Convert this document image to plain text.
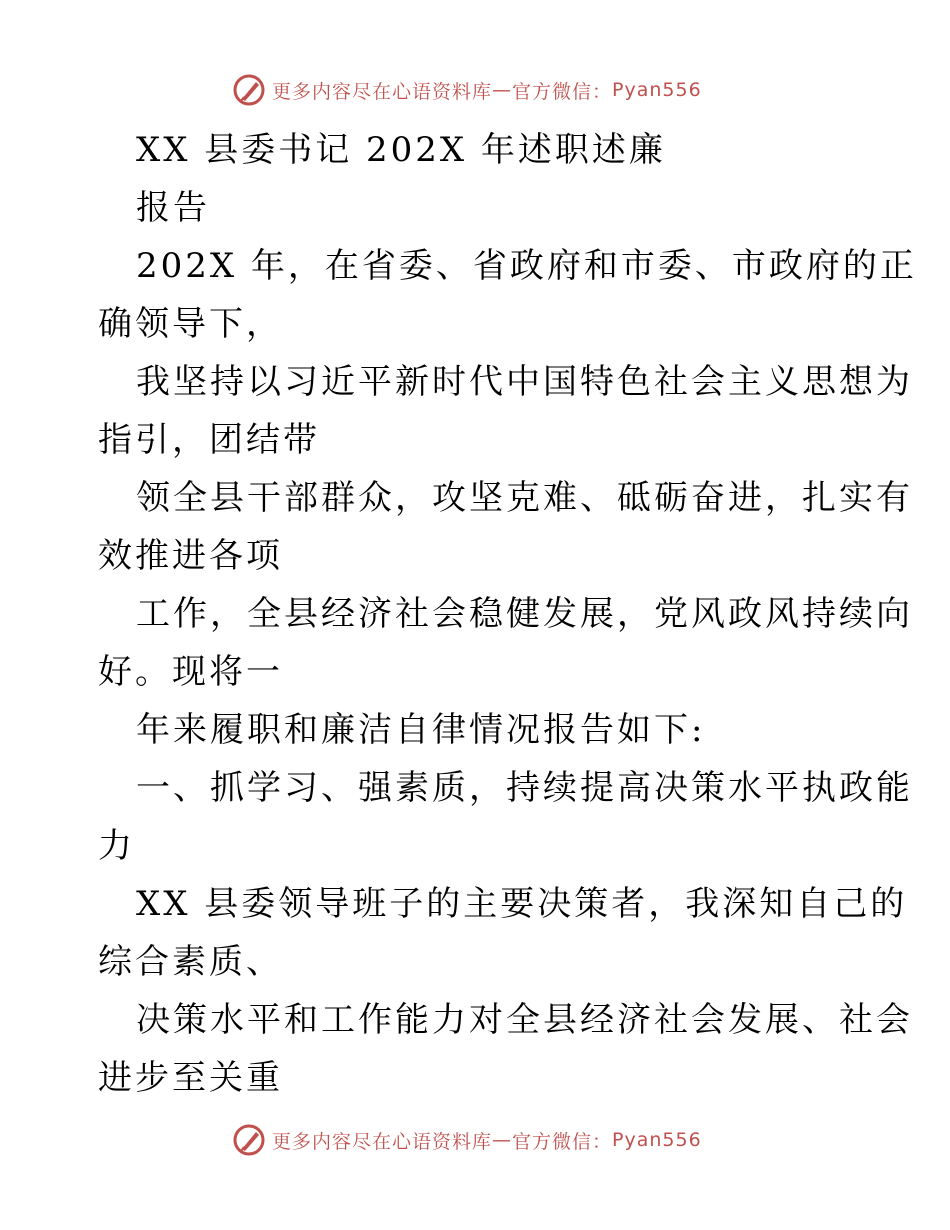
更多内容尽在心语资料库 — 官方微信： Pyan556
XX 县委书记 202X 年述职述廉
报告
202X 年，在省委、省政府和市委、市政府的正
确领导下，
我坚持以习近平新时代中国特色社会主义思想为
指引，团结带
领全县干部群众，攻坚克难、砥砺奋进，扎实有
效推进各项
工作，全县经济社会稳健发展，党风政风持续向
好。现将一
年来履职和廉洁自律情况报告如下:
一、抓学习、强素质，持续提高决策水平执政能
力
XX 县委领导班子的主要决策者，我深知自己的
综合素质、
决策水平和工作能力对全县经济社会发展、社会
进步至关重
更多内容尽在心语资料库 — 官方微信： Pyan556
